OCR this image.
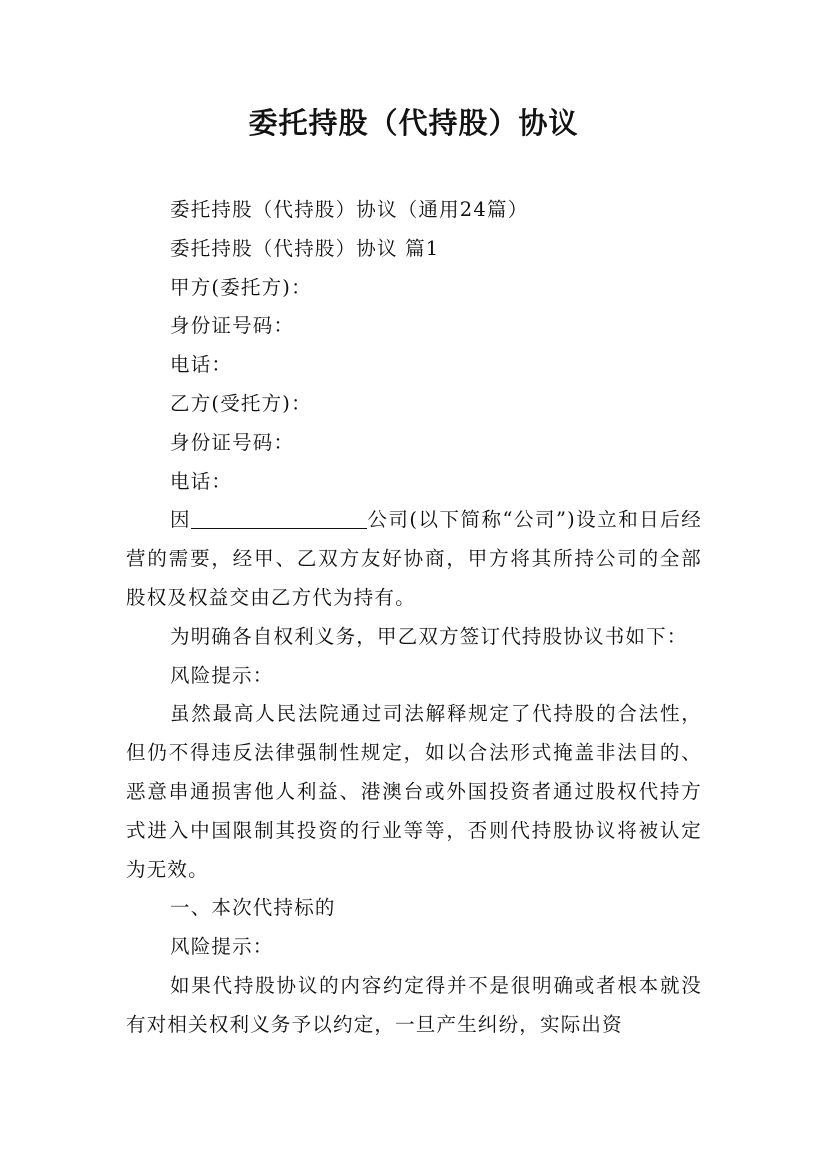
委托持股（代持股）协议

委托持股（代持股）协议（通用24篇）

委托持股（代持股）协议 篇1

甲方(委托方)：

身份证号码：

电话：

乙方(受托方)：

身份证号码：

电话：

因	公司(以下简称“公司”)设立和日后经营的需要，经甲、乙双方友好协商，甲方将其所持公司的全部股权及权益交由乙方代为持有。

为明确各自权利义务，甲乙双方签订代持股协议书如下：

风险提示：

虽然最高人民法院通过司法解释规定了代持股的合法性，但仍不得违反法律强制性规定，如以合法形式掩盖非法目的、恶意串通损害他人利益、港澳台或外国投资者通过股权代持方式进入中国限制其投资的行业等等，否则代持股协议将被认定为无效。

一、本次代持标的

风险提示：

如果代持股协议的内容约定得并不是很明确或者根本就没有对相关权利义务予以约定，一旦产生纠纷，实际出资
